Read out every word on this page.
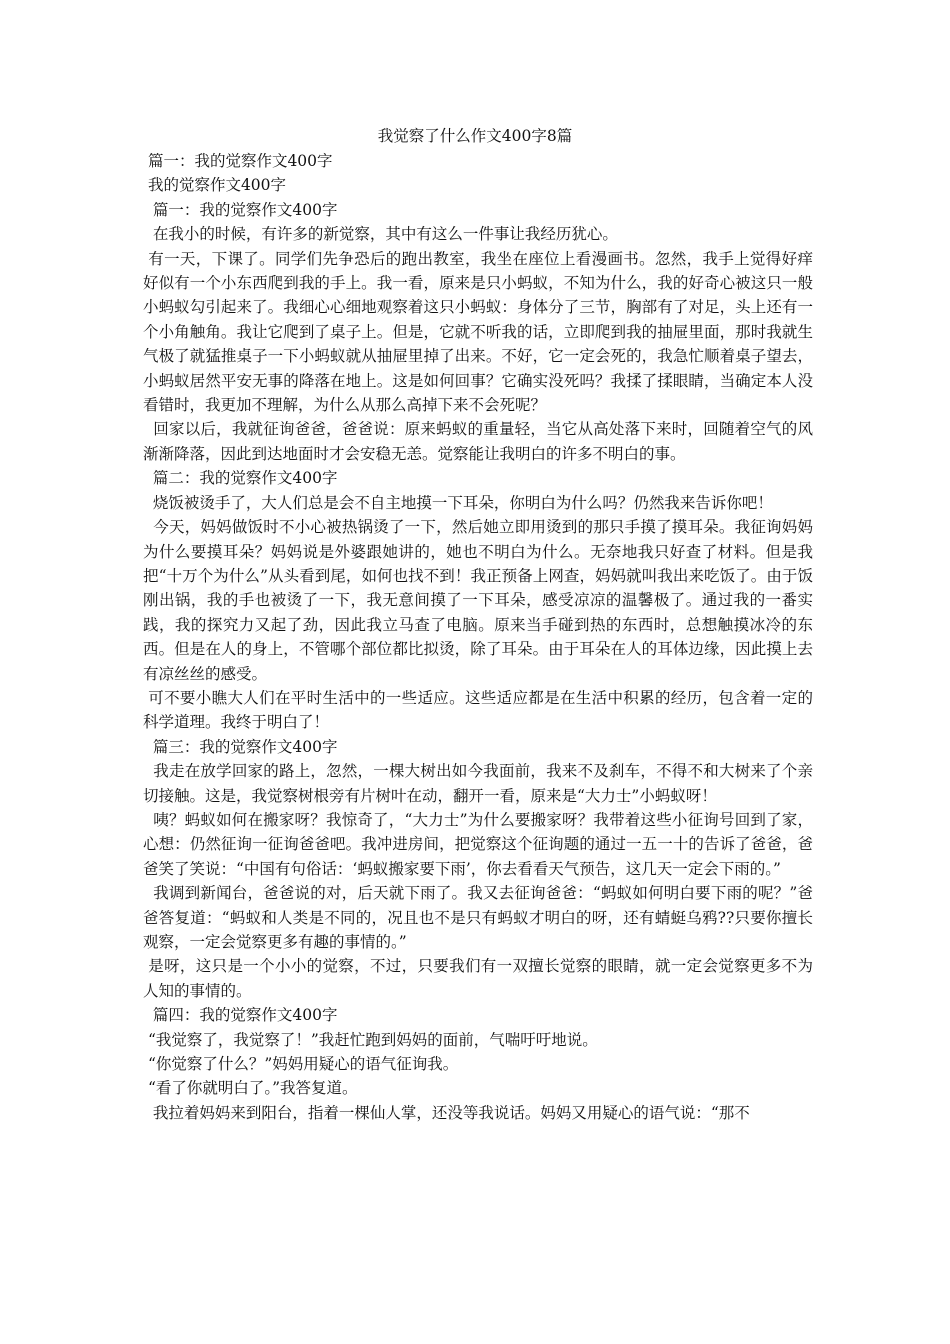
我觉察了什么作文400字8篇

篇一：我的觉察作文400字

我的觉察作文400字

篇一：我的觉察作文400字

在我小的时候，有许多的新觉察，其中有这么一件事让我经历犹心。

有一天，下课了。同学们先争恐后的跑出教室，我坐在座位上看漫画书。忽然，我手上觉得好痒好似有一个小东西爬到我的手上。我一看，原来是只小蚂蚁，不知为什么，我的好奇心被这只一般小蚂蚁勾引起来了。我细心心细地观察着这只小蚂蚁：身体分了三节，胸部有了对足，头上还有一个小角触角。我让它爬到了桌子上。但是，它就不听我的话，立即爬到我的抽屉里面，那时我就生气极了就猛推桌子一下小蚂蚁就从抽屉里掉了出来。不好，它一定会死的，我急忙顺着桌子望去，小蚂蚁居然平安无事的降落在地上。这是如何回事？它确实没死吗？我揉了揉眼睛，当确定本人没看错时，我更加不理解，为什么从那么高掉下来不会死呢？

回家以后，我就征询爸爸，爸爸说：原来蚂蚁的重量轻，当它从高处落下来时，回随着空气的风渐渐降落，因此到达地面时才会安稳无恙。觉察能让我明白的许多不明白的事。

篇二：我的觉察作文400字

烧饭被烫手了，大人们总是会不自主地摸一下耳朵，你明白为什么吗？仍然我来告诉你吧！

今天，妈妈做饭时不小心被热锅烫了一下，然后她立即用烫到的那只手摸了摸耳朵。我征询妈妈为什么要摸耳朵？妈妈说是外婆跟她讲的，她也不明白为什么。无奈地我只好查了材料。但是我把“十万个为什么”从头看到尾，如何也找不到！我正预备上网查，妈妈就叫我出来吃饭了。由于饭刚出锅，我的手也被烫了一下，我无意间摸了一下耳朵，感受凉凉的温馨极了。通过我的一番实践，我的探究力又起了劲，因此我立马查了电脑。原来当手碰到热的东西时，总想触摸冰冷的东西。但是在人的身上，不管哪个部位都比拟烫，除了耳朵。由于耳朵在人的耳体边缘，因此摸上去有凉丝丝的感受。

可不要小瞧大人们在平时生活中的一些适应。这些适应都是在生活中积累的经历，包含着一定的科学道理。我终于明白了！

篇三：我的觉察作文400字

我走在放学回家的路上，忽然，一棵大树出如今我面前，我来不及刹车，不得不和大树来了个亲切接触。这是，我觉察树根旁有片树叶在动，翻开一看，原来是“大力士”小蚂蚁呀！

咦？蚂蚁如何在搬家呀？我惊奇了，“大力士”为什么要搬家呀？我带着这些小征询号回到了家，心想：仍然征询一征询爸爸吧。我冲进房间，把觉察这个征询题的通过一五一十的告诉了爸爸，爸爸笑了笑说：“中国有句俗话：‘蚂蚁搬家要下雨’，你去看看天气预告，这几天一定会下雨的。”

我调到新闻台，爸爸说的对，后天就下雨了。我又去征询爸爸：“蚂蚁如何明白要下雨的呢？”爸爸答复道：“蚂蚁和人类是不同的，况且也不是只有蚂蚁才明白的呀，还有蜻蜓乌鸦??只要你擅长观察，一定会觉察更多有趣的事情的。”

是呀，这只是一个小小的觉察，不过，只要我们有一双擅长觉察的眼睛，就一定会觉察更多不为人知的事情的。

篇四：我的觉察作文400字

“我觉察了，我觉察了！”我赶忙跑到妈妈的面前，气喘吁吁地说。

“你觉察了什么？”妈妈用疑心的语气征询我。

“看了你就明白了。”我答复道。

我拉着妈妈来到阳台，指着一棵仙人掌，还没等我说话。妈妈又用疑心的语气说：“那不
